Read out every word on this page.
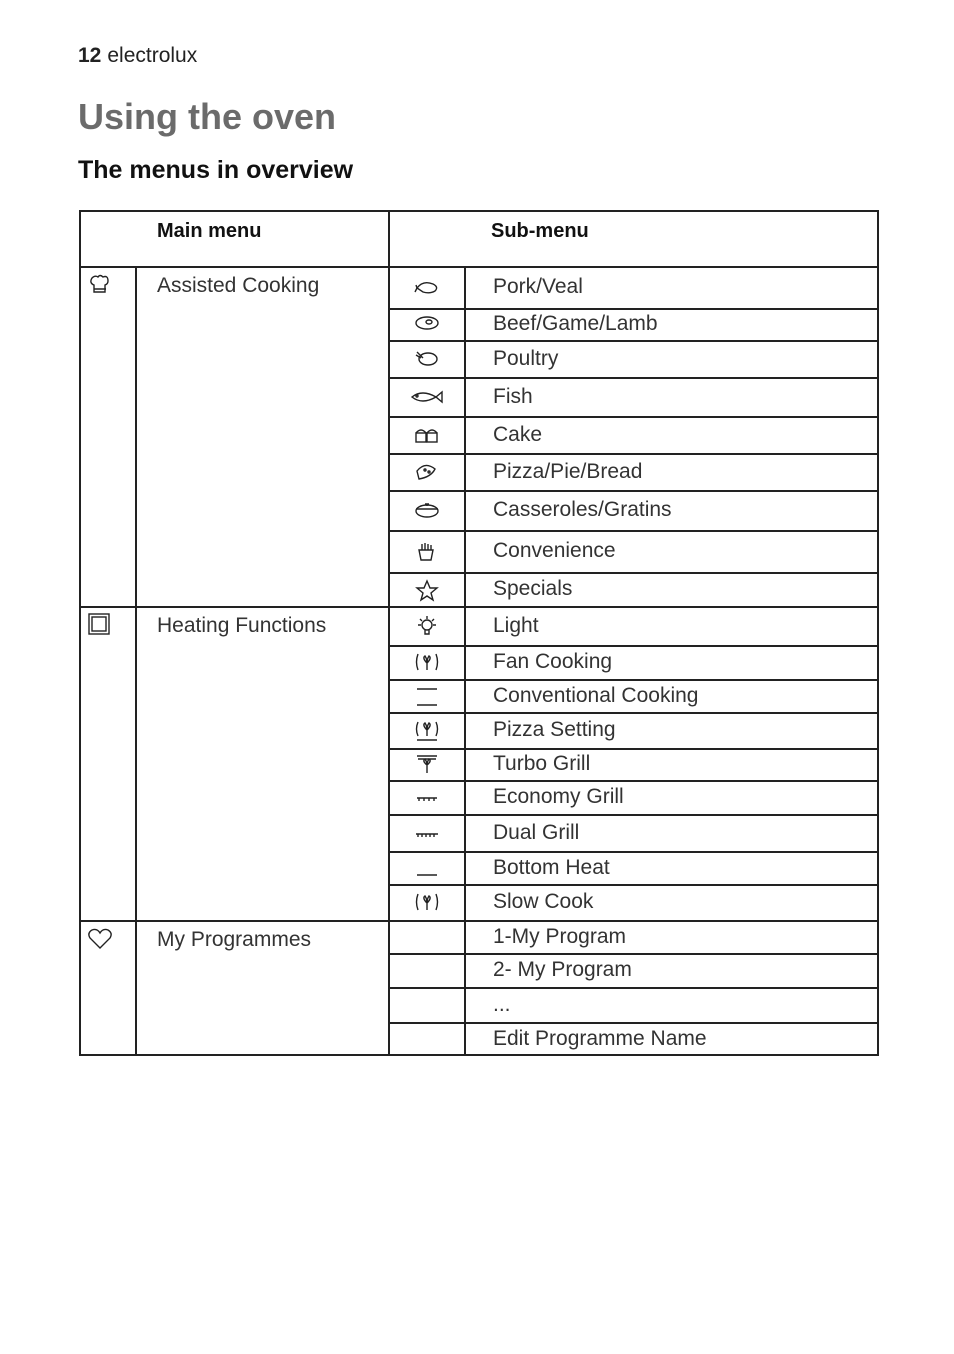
12 electrolux
Using the oven
The menus in overview
Main menu	Sub-menu
Assisted Cooking	Pork/Veal
Beef/Game/Lamb
Poultry
Fish
Cake
Pizza/Pie/Bread
Casseroles/Gratins
Convenience
Specials
Heating Functions	Light
Fan Cooking
Conventional Cooking
Pizza Setting
Turbo Grill
Economy Grill
Dual Grill
Bottom Heat
Slow Cook
My Programmes	1-My Program
2- My Program
...
Edit Programme Name
